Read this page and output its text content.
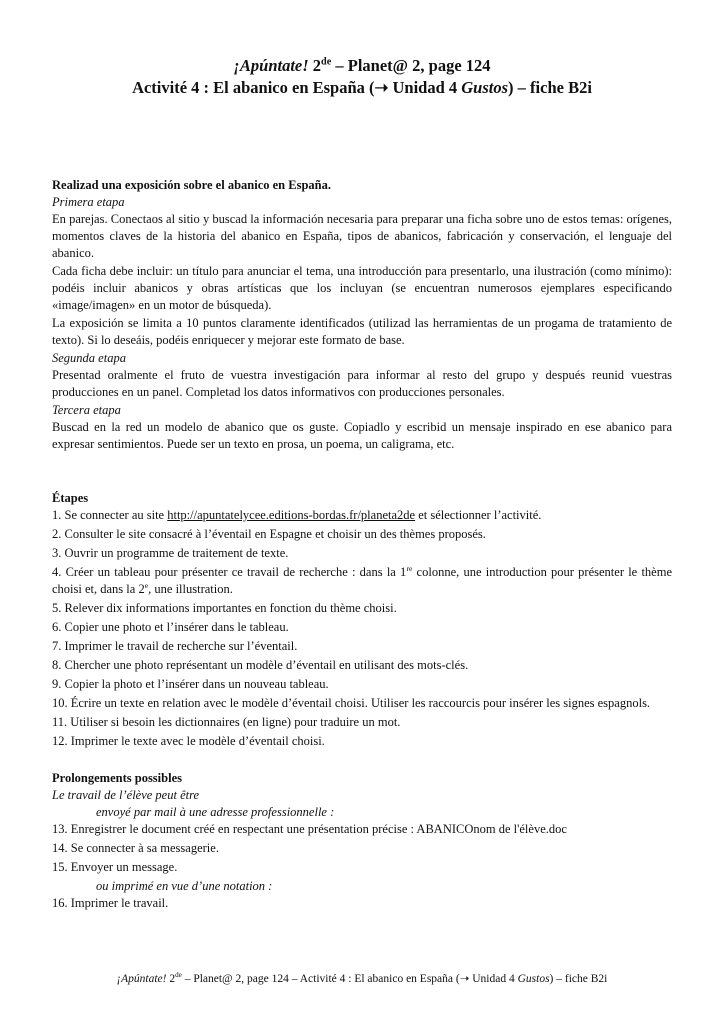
¡Apúntate! 2de – Planet@ 2, page 124
Activité 4 : El abanico en España (➝ Unidad 4 Gustos) – fiche B2i

Realizad una exposición sobre el abanico en España.

Primera etapa

En parejas. Conectaos al sitio y buscad la información necesaria para preparar una ficha sobre uno de estos temas: orígenes, momentos claves de la historia del abanico en España, tipos de abanicos, fabricación y conservación, el lenguaje del abanico.

Cada ficha debe incluir: un título para anunciar el tema, una introducción para presentarlo, una ilustración (como mínimo): podéis incluir abanicos y obras artísticas que los incluyan (se encuentran numerosos ejemplares especificando «image/imagen» en un motor de búsqueda).

La exposición se limita a 10 puntos claramente identificados (utilizad las herramientas de un progama de tratamiento de texto). Si lo deseáis, podéis enriquecer y mejorar este formato de base.

Segunda etapa

Presentad oralmente el fruto de vuestra investigación para informar al resto del grupo y después reunid vuestras producciones en un panel. Completad los datos informativos con producciones personales.

Tercera etapa

Buscad en la red un modelo de abanico que os guste. Copiadlo y escribid un mensaje inspirado en ese abanico para expresar sentimientos. Puede ser un texto en prosa, un poema, un caligrama, etc.

Étapes

1. Se connecter au site http://apuntatelycee.editions-bordas.fr/planeta2de et sélectionner l’activité.
2. Consulter le site consacré à l’éventail en Espagne et choisir un des thèmes proposés.
3. Ouvrir un programme de traitement de texte.
4. Créer un tableau pour présenter ce travail de recherche : dans la 1re colonne, une introduction pour présenter le thème choisi et, dans la 2e, une illustration.
5. Relever dix informations importantes en fonction du thème choisi.
6. Copier une photo et l’insérer dans le tableau.
7. Imprimer le travail de recherche sur l’éventail.
8. Chercher une photo représentant un modèle d’éventail en utilisant des mots-clés.
9. Copier la photo et l’insérer dans un nouveau tableau.
10. Écrire un texte en relation avec le modèle d’éventail choisi. Utiliser les raccourcis pour insérer les signes espagnols.
11. Utiliser si besoin les dictionnaires (en ligne) pour traduire un mot.
12. Imprimer le texte avec le modèle d’éventail choisi.

Prolongements possibles

Le travail de l’élève peut être

envoyé par mail à une adresse professionnelle :

13. Enregistrer le document créé en respectant une présentation précise : ABANICOnom de l'élève.doc
14. Se connecter à sa messagerie.
15. Envoyer un message.

ou imprimé en vue d’une notation :

16. Imprimer le travail.
¡Apúntate! 2de – Planet@ 2, page 124 – Activité 4 : El abanico en España (➝ Unidad 4 Gustos) – fiche B2i
